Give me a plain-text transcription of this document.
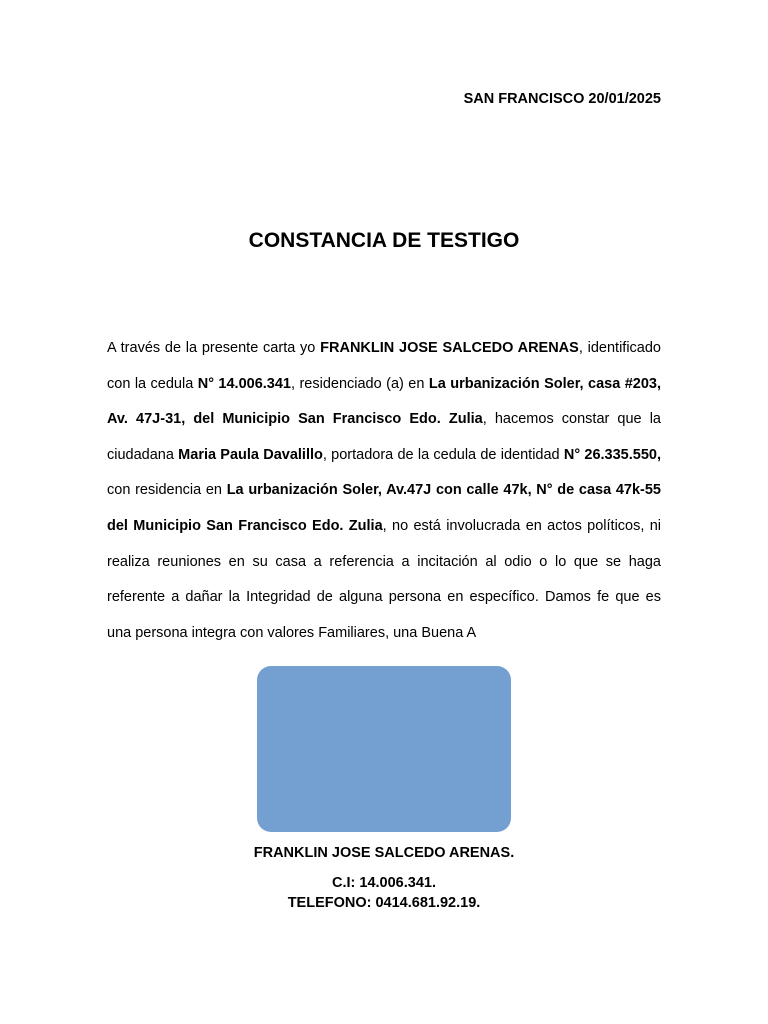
SAN FRANCISCO 20/01/2025
CONSTANCIA DE TESTIGO
A través de la presente carta yo FRANKLIN JOSE SALCEDO ARENAS, identificado con la cedula N° 14.006.341, residenciado (a) en La urbanización Soler, casa #203, Av. 47J-31, del Municipio San Francisco Edo. Zulia, hacemos constar que la ciudadana Maria Paula Davalillo, portadora de la cedula de identidad N° 26.335.550, con residencia en La urbanización Soler, Av.47J con calle 47k, N° de casa 47k-55 del Municipio San Francisco Edo. Zulia, no está involucrada en actos políticos, ni realiza reuniones en su casa a referencia a incitación al odio o lo que se haga referente a dañar la Integridad de alguna persona en específico. Damos fe que es una persona integra con valores Familiares, una Buena A
FRANKLIN JOSE SALCEDO ARENAS.
C.I: 14.006.341.
TELEFONO: 0414.681.92.19.
